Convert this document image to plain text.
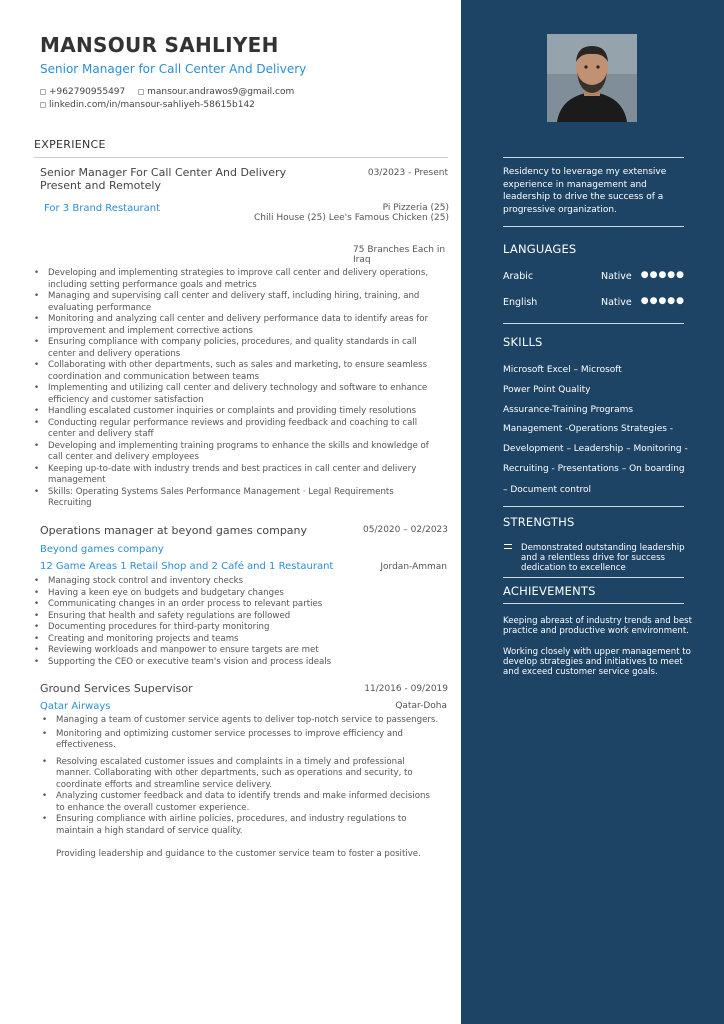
MANSOUR SAHLIYEH
Senior Manager for Call Center And Delivery
+962790955497 mansour.andrawos9@gmail.com
linkedin.com/in/mansour-sahliyeh-58615b142
EXPERIENCE
Senior Manager For Call Center And Delivery Present and Remotely
03/2023 - Present
For 3 Brand Restaurant	Pi Pizzeria (25)
Chili House (25) Lee's Famous Chicken (25)
75 Branches Each in
Iraq
• Developing and implementing strategies to improve call center and delivery operations, including setting performance goals and metrics
• Managing and supervising call center and delivery staff, including hiring, training, and evaluating performance
• Monitoring and analyzing call center and delivery performance data to identify areas for improvement and implement corrective actions
• Ensuring compliance with company policies, procedures, and quality standards in call center and delivery operations
• Collaborating with other departments, such as sales and marketing, to ensure seamless coordination and communication between teams
• Implementing and utilizing call center and delivery technology and software to enhance efficiency and customer satisfaction
• Handling escalated customer inquiries or complaints and providing timely resolutions
• Conducting regular performance reviews and providing feedback and coaching to call center and delivery staff
• Developing and implementing training programs to enhance the skills and knowledge of call center and delivery employees
• Keeping up-to-date with industry trends and best practices in call center and delivery management
• Skills: Operating Systems Sales Performance Management · Legal Requirements Recruiting
Operations manager at beyond games company	05/2020 – 02/2023
Beyond games company
12 Game Areas 1 Retail Shop and 2 Café and 1 Restaurant	Jordan-Amman
• Managing stock control and inventory checks
• Having a keen eye on budgets and budgetary changes
• Communicating changes in an order process to relevant parties
• Ensuring that health and safety regulations are followed
• Documenting procedures for third-party monitoring
• Creating and monitoring projects and teams
• Reviewing workloads and manpower to ensure targets are met
• Supporting the CEO or executive team's vision and process ideals
Ground Services Supervisor	11/2016 - 09/2019
Qatar Airways	Qatar-Doha
• Managing a team of customer service agents to deliver top-notch service to passengers.
• Monitoring and optimizing customer service processes to improve efficiency and effectiveness.
• Resolving escalated customer issues and complaints in a timely and professional manner. Collaborating with other departments, such as operations and security, to coordinate efforts and streamline service delivery.
• Analyzing customer feedback and data to identify trends and make informed decisions to enhance the overall customer experience.
• Ensuring compliance with airline policies, procedures, and industry regulations to maintain a high standard of service quality.
Providing leadership and guidance to the customer service team to foster a positive.
Residency to leverage my extensive experience in management and leadership to drive the success of a progressive organization.
LANGUAGES
Arabic	Native ●●●●●
English	Native ●●●●●
SKILLS
Microsoft Excel – Microsoft
Power Point Quality
Assurance-Training Programs
Management -Operations Strategies -
Development – Leadership – Monitoring -
Recruiting - Presentations – On boarding
– Document control
STRENGTHS
Demonstrated outstanding leadership and a relentless drive for success dedication to excellence
ACHIEVEMENTS
Keeping abreast of industry trends and best practice and productive work environment.
Working closely with upper management to develop strategies and initiatives to meet and exceed customer service goals.
